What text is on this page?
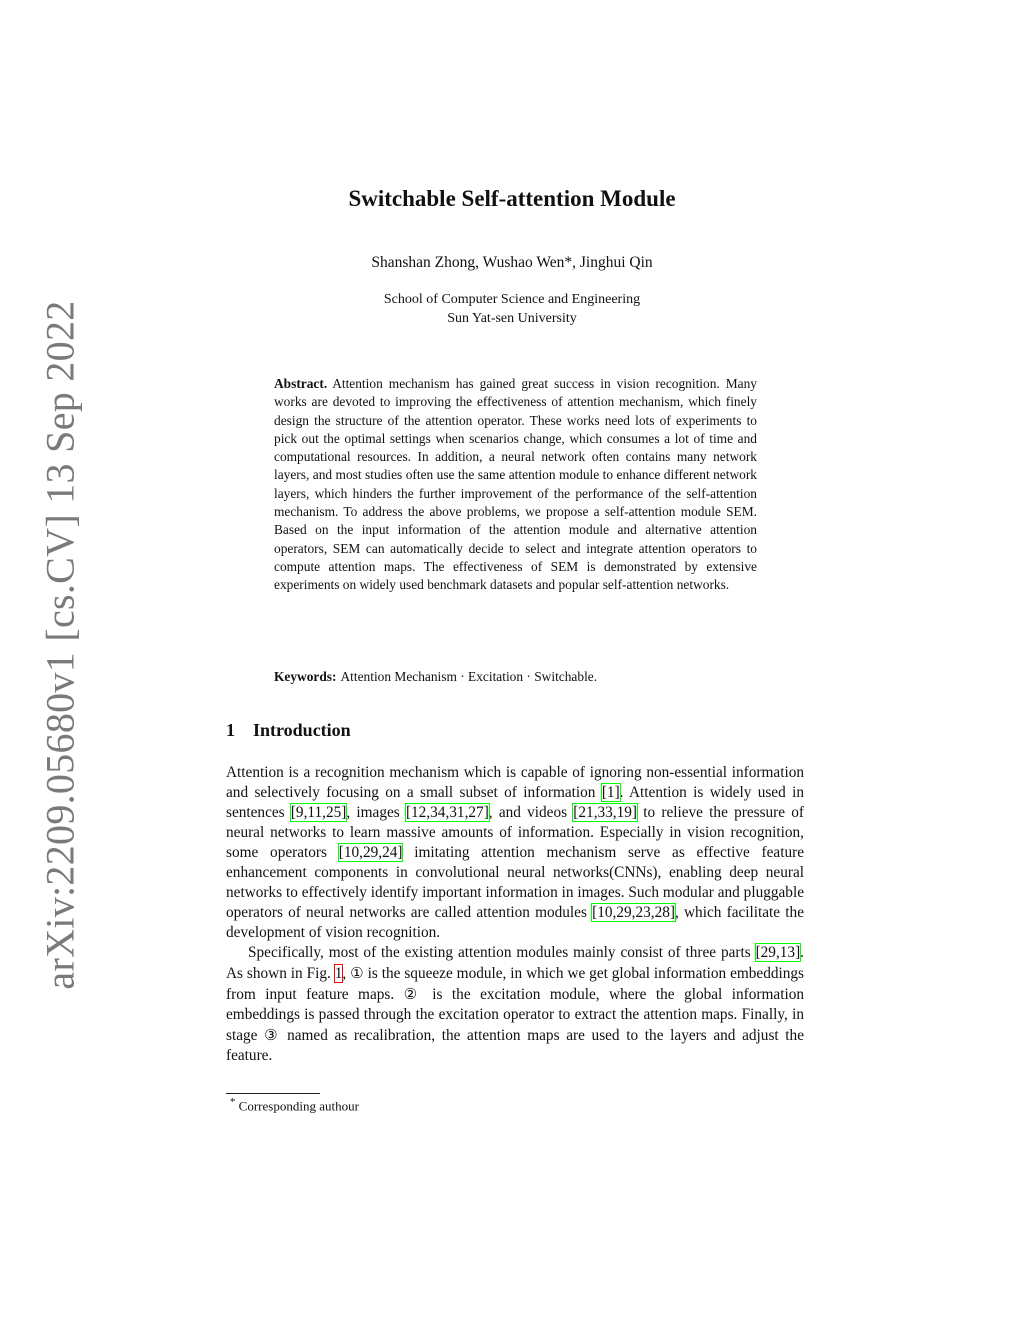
arXiv:2209.05680v1 [cs.CV] 13 Sep 2022
Switchable Self-attention Module
Shanshan Zhong, Wushao Wen*, Jinghui Qin
School of Computer Science and Engineering
Sun Yat-sen University
Abstract. Attention mechanism has gained great success in vision recognition. Many works are devoted to improving the effectiveness of attention mechanism, which finely design the structure of the attention operator. These works need lots of experiments to pick out the optimal settings when scenarios change, which consumes a lot of time and computational resources. In addition, a neural network often contains many network layers, and most studies often use the same attention module to enhance different network layers, which hinders the further improvement of the performance of the self-attention mechanism. To address the above problems, we propose a self-attention module SEM. Based on the input information of the attention module and alternative attention operators, SEM can automatically decide to select and integrate attention operators to compute attention maps. The effectiveness of SEM is demonstrated by extensive experiments on widely used benchmark datasets and popular self-attention networks.
Keywords: Attention Mechanism · Excitation · Switchable.
1 Introduction

Attention is a recognition mechanism which is capable of ignoring non-essential information and selectively focusing on a small subset of information [1]. Attention is widely used in sentences [9,11,25], images [12,34,31,27], and videos [21,33,19] to relieve the pressure of neural networks to learn massive amounts of information. Especially in vision recognition, some operators [10,29,24] imitating attention mechanism serve as effective feature enhancement components in convolutional neural networks(CNNs), enabling deep neural networks to effectively identify important information in images. Such modular and pluggable operators of neural networks are called attention modules [10,29,23,28], which facilitate the development of vision recognition.

Specifically, most of the existing attention modules mainly consist of three parts [29,13]. As shown in Fig. 1, ① is the squeeze module, in which we get global information embeddings from input feature maps. ② is the excitation module, where the global information embeddings is passed through the excitation operator to extract the attention maps. Finally, in stage ③ named as recalibration, the attention maps are used to the layers and adjust the feature.

* Corresponding authour
